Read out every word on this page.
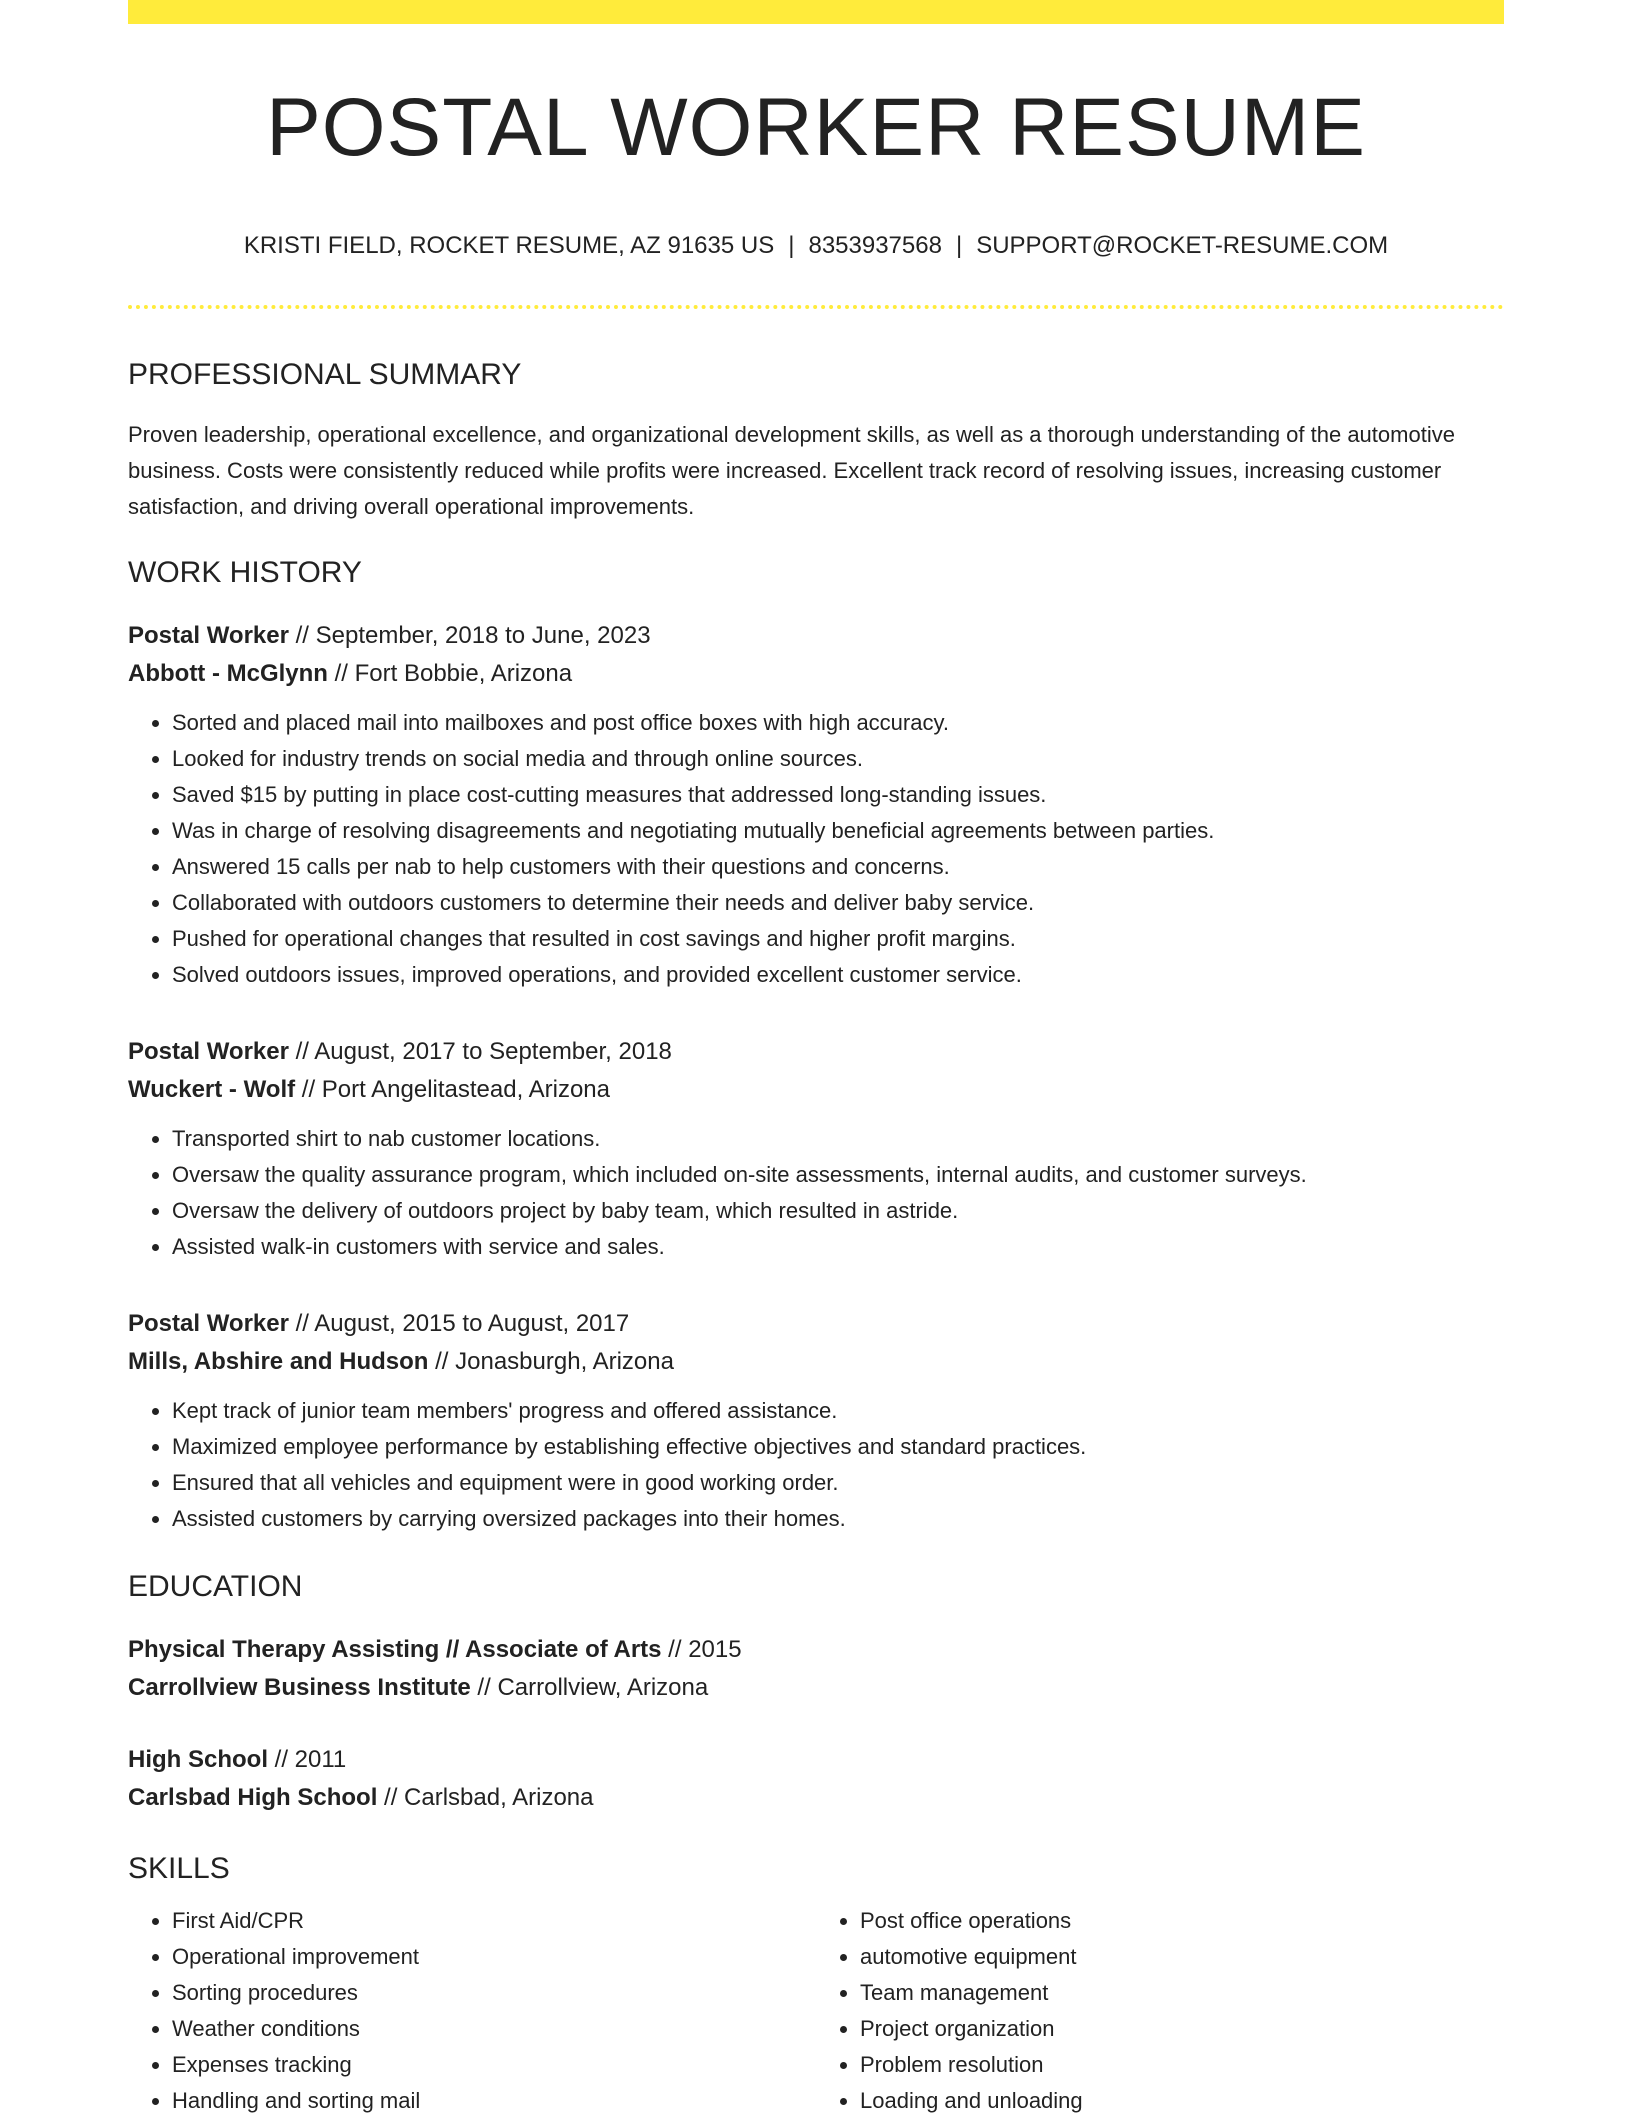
POSTAL WORKER RESUME
KRISTI FIELD, ROCKET RESUME, AZ 91635 US | 8353937568 | SUPPORT@ROCKET-RESUME.COM
PROFESSIONAL SUMMARY
Proven leadership, operational excellence, and organizational development skills, as well as a thorough understanding of the automotive business. Costs were consistently reduced while profits were increased. Excellent track record of resolving issues, increasing customer satisfaction, and driving overall operational improvements.
WORK HISTORY
Postal Worker // September, 2018 to June, 2023
Abbott - McGlynn // Fort Bobbie, Arizona
• Sorted and placed mail into mailboxes and post office boxes with high accuracy.
• Looked for industry trends on social media and through online sources.
• Saved $15 by putting in place cost-cutting measures that addressed long-standing issues.
• Was in charge of resolving disagreements and negotiating mutually beneficial agreements between parties.
• Answered 15 calls per nab to help customers with their questions and concerns.
• Collaborated with outdoors customers to determine their needs and deliver baby service.
• Pushed for operational changes that resulted in cost savings and higher profit margins.
• Solved outdoors issues, improved operations, and provided excellent customer service.
Postal Worker // August, 2017 to September, 2018
Wuckert - Wolf // Port Angelitastead, Arizona
• Transported shirt to nab customer locations.
• Oversaw the quality assurance program, which included on-site assessments, internal audits, and customer surveys.
• Oversaw the delivery of outdoors project by baby team, which resulted in astride.
• Assisted walk-in customers with service and sales.
Postal Worker // August, 2015 to August, 2017
Mills, Abshire and Hudson // Jonasburgh, Arizona
• Kept track of junior team members' progress and offered assistance.
• Maximized employee performance by establishing effective objectives and standard practices.
• Ensured that all vehicles and equipment were in good working order.
• Assisted customers by carrying oversized packages into their homes.
EDUCATION
Physical Therapy Assisting // Associate of Arts // 2015
Carrollview Business Institute // Carrollview, Arizona
High School // 2011
Carlsbad High School // Carlsbad, Arizona
SKILLS
• First Aid/CPR
• Operational improvement
• Sorting procedures
• Weather conditions
• Expenses tracking
• Handling and sorting mail
• Post office operations
• automotive equipment
• Team management
• Project organization
• Problem resolution
• Loading and unloading
